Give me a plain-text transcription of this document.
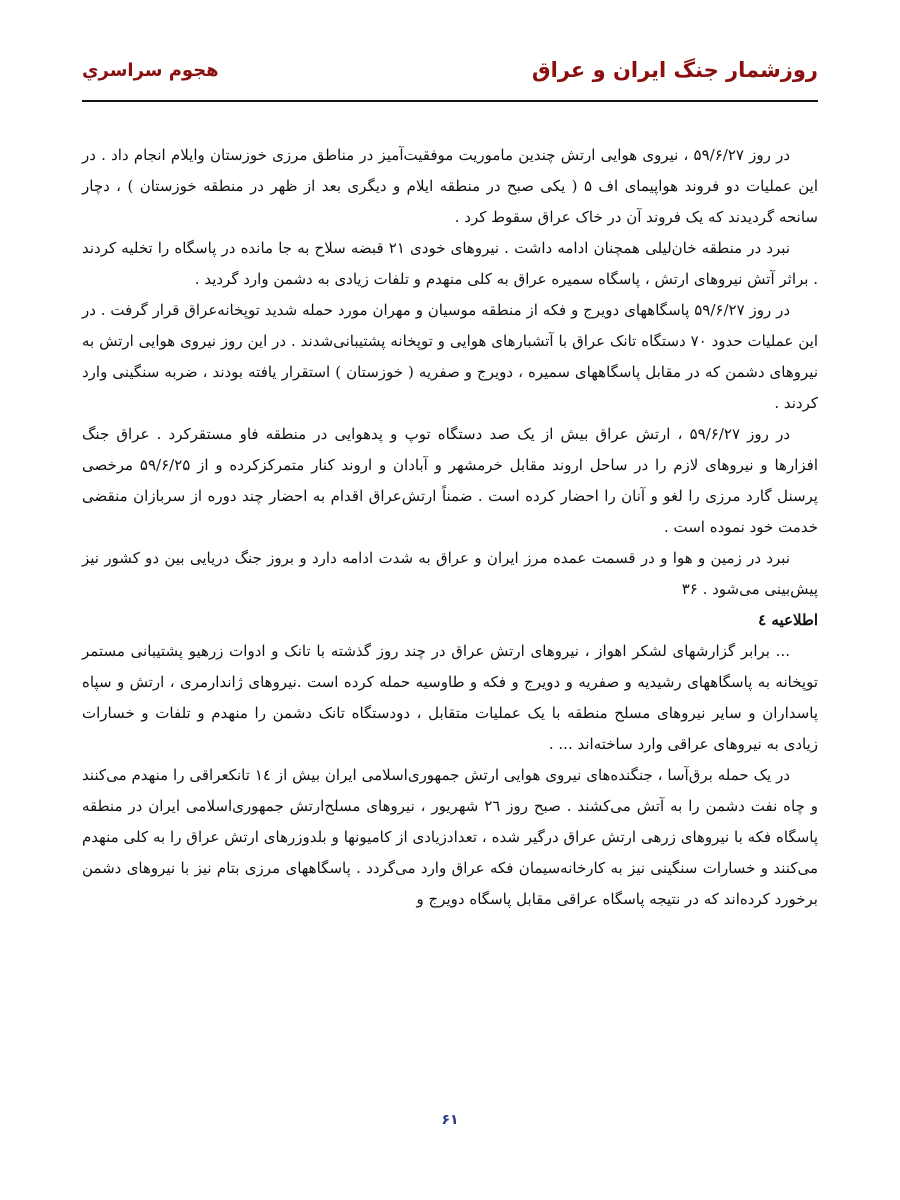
روزشمار جنگ ایران و عراق
هجوم سراسري

در روز ۵۹/۶/۲۷ ، نیروی هوایی ارتش چندین ماموریت موفقیت‌آمیز در مناطق مرزی خوزستان وایلام انجام داد . در این عملیات دو فروند هواپیمای اف ۵ ( یکی صبح در منطقه ایلام و دیگری بعد از ظهر در منطقه خوزستان ) ، دچار سانحه گردیدند که یک فروند آن در خاک عراق سقوط کرد .

نبرد در منطقه خان‌لیلی همچنان ادامه داشت . نیروهای خودی ۲۱ قبضه سلاح به جا مانده در پاسگاه را تخلیه کردند . براثر آتش نیروهای ارتش ، پاسگاه سمیره عراق به کلی منهدم و تلفات زیادی به دشمن وارد گردید .

در روز ۵۹/۶/۲۷ پاسگاههای دویرج و فکه از منطقه موسیان و مهران مورد حمله شدید توپخانه‌عراق قرار گرفت . در این عملیات حدود ۷۰ دستگاه تانک عراق با آتشبارهای هوایی و توپخانه پشتیبانی‌شدند . در این روز نیروی هوایی ارتش به نیروهای دشمن که در مقابل پاسگاههای سمیره ، دویرج و صفریه ( خوزستان ) استقرار یافته بودند ، ضربه سنگینی وارد کردند .

در روز ۵۹/۶/۲۷ ، ارتش عراق بیش از یک صد دستگاه توپ و پدهوایی در منطقه فاو مستقرکرد . عراق جنگ افزارها و نیروهای لازم را در ساحل اروند مقابل خرمشهر و آبادان و اروند کنار متمرکزکرده و از ۵۹/۶/۲۵ مرخصی پرسنل گارد مرزی را لغو و آنان را احضار کرده است . ضمناً ارتش‌عراق اقدام به احضار چند دوره از سربازان منقضی خدمت خود نموده است .

نبرد در زمین و هوا و در قسمت عمده مرز ایران و عراق به شدت ادامه دارد و بروز جنگ دریایی بین دو کشور نیز پیش‌بینی می‌شود . ۳۶

اطلاعیه ٤

... برابر گزارشهای لشکر اهواز ، نیروهای ارتش عراق در چند روز گذشته با تانک و ادوات زرهیو پشتیبانی مستمر توپخانه به پاسگاههای رشیدیه و صفریه و دویرج و فکه و طاوسیه حمله کرده است .نیروهای ژاندارمری ، ارتش و سپاه پاسداران و سایر نیروهای مسلح منطقه با یک عملیات متقابل ، دودستگاه تانک دشمن را منهدم و تلفات و خسارات زیادی به نیروهای عراقی وارد ساخته‌اند ... .

در یک حمله برق‌آسا ، جنگنده‌های نیروی هوایی ارتش جمهوری‌اسلامی ایران بیش از ١٤ تانکعراقی را منهدم می‌کنند و چاه نفت دشمن را به آتش می‌کشند . صبح روز ٢٦ شهریور ، نیروهای مسلح‌ارتش جمهوری‌اسلامی ایران در منطقه پاسگاه فکه با نیروهای زرهی ارتش عراق درگیر شده ، تعدادزیادی از کامیونها و بلدوزرهای ارتش عراق را به کلی منهدم می‌کنند و خسارات سنگینی نیز به کارخانه‌سیمان فکه عراق وارد می‌گردد . پاسگاههای مرزی بتام نیز با نیروهای دشمن برخورد کرده‌اند که در نتیجه پاسگاه عراقی مقابل پاسگاه دویرج و

۶۱
